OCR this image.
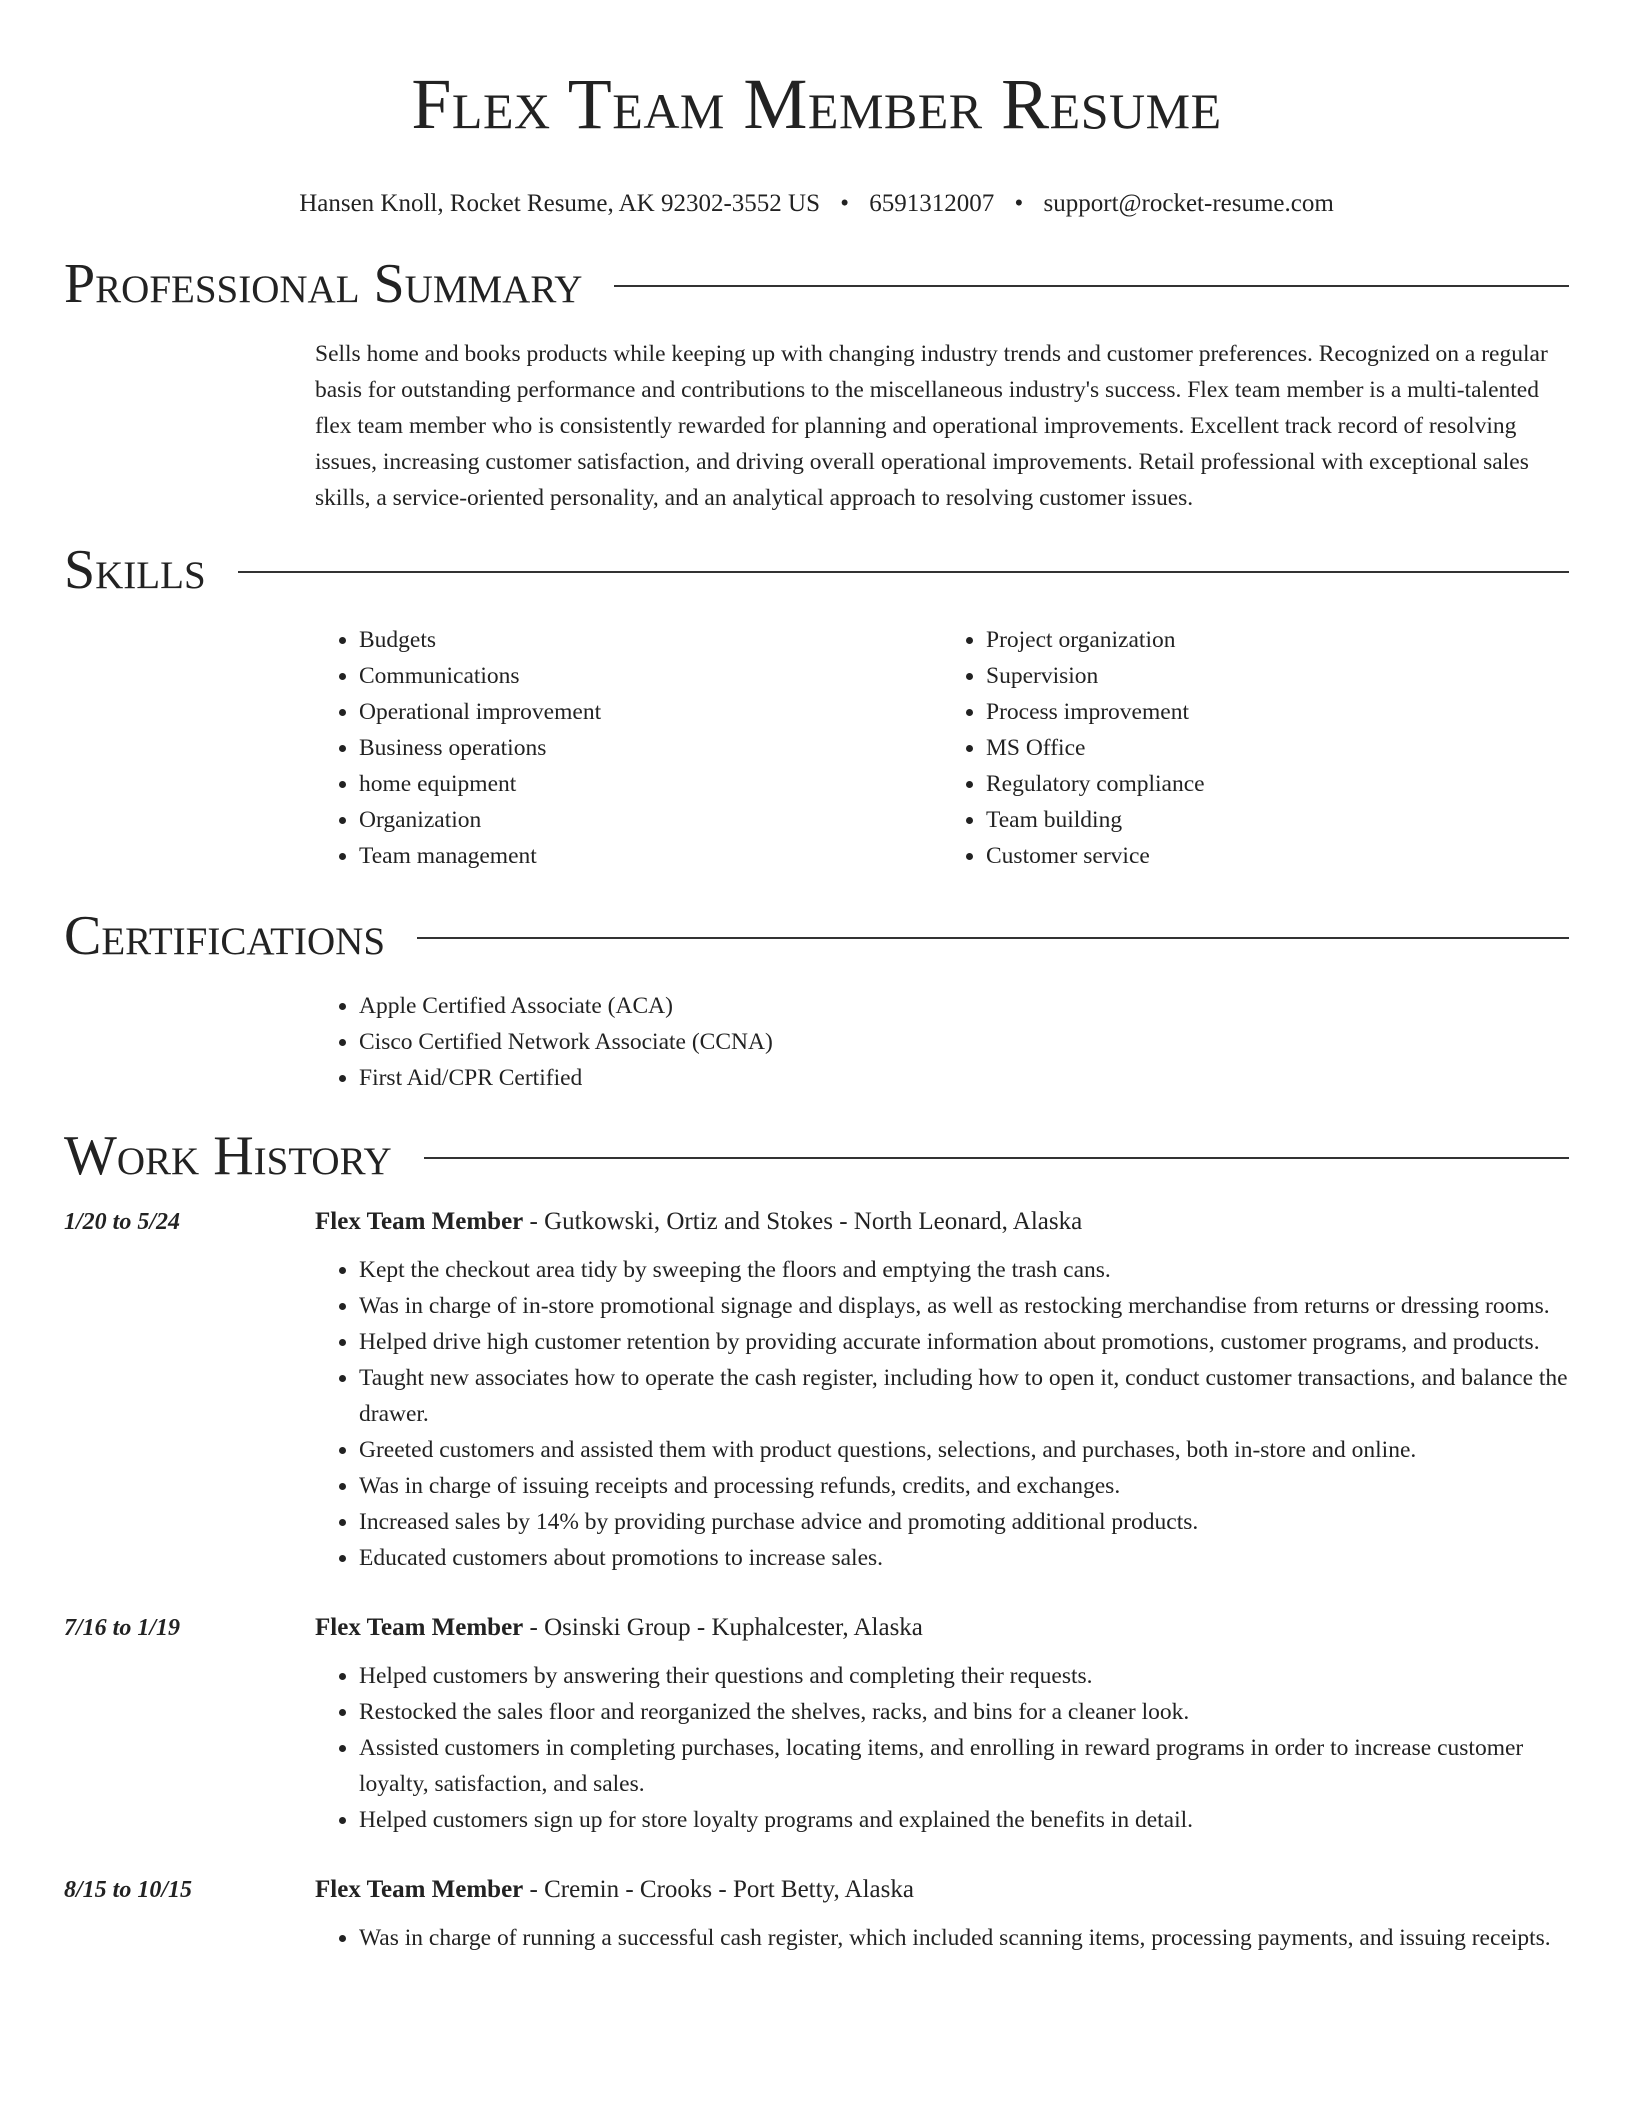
Flex Team Member Resume
Hansen Knoll, Rocket Resume, AK 92302-3552 US • 6591312007 • support@rocket-resume.com
Professional Summary
Sells home and books products while keeping up with changing industry trends and customer preferences. Recognized on a regular basis for outstanding performance and contributions to the miscellaneous industry's success. Flex team member is a multi-talented flex team member who is consistently rewarded for planning and operational improvements. Excellent track record of resolving issues, increasing customer satisfaction, and driving overall operational improvements. Retail professional with exceptional sales skills, a service-oriented personality, and an analytical approach to resolving customer issues.
Skills
• Budgets
• Communications
• Operational improvement
• Business operations
• home equipment
• Organization
• Team management
• Project organization
• Supervision
• Process improvement
• MS Office
• Regulatory compliance
• Team building
• Customer service
Certifications
• Apple Certified Associate (ACA)
• Cisco Certified Network Associate (CCNA)
• First Aid/CPR Certified
Work History
1/20 to 5/24	Flex Team Member - Gutkowski, Ortiz and Stokes - North Leonard, Alaska
• Kept the checkout area tidy by sweeping the floors and emptying the trash cans.
• Was in charge of in-store promotional signage and displays, as well as restocking merchandise from returns or dressing rooms.
• Helped drive high customer retention by providing accurate information about promotions, customer programs, and products.
• Taught new associates how to operate the cash register, including how to open it, conduct customer transactions, and balance the drawer.
• Greeted customers and assisted them with product questions, selections, and purchases, both in-store and online.
• Was in charge of issuing receipts and processing refunds, credits, and exchanges.
• Increased sales by 14% by providing purchase advice and promoting additional products.
• Educated customers about promotions to increase sales.
7/16 to 1/19	Flex Team Member - Osinski Group - Kuphalcester, Alaska
• Helped customers by answering their questions and completing their requests.
• Restocked the sales floor and reorganized the shelves, racks, and bins for a cleaner look.
• Assisted customers in completing purchases, locating items, and enrolling in reward programs in order to increase customer loyalty, satisfaction, and sales.
• Helped customers sign up for store loyalty programs and explained the benefits in detail.
8/15 to 10/15	Flex Team Member - Cremin - Crooks - Port Betty, Alaska
• Was in charge of running a successful cash register, which included scanning items, processing payments, and issuing receipts.
